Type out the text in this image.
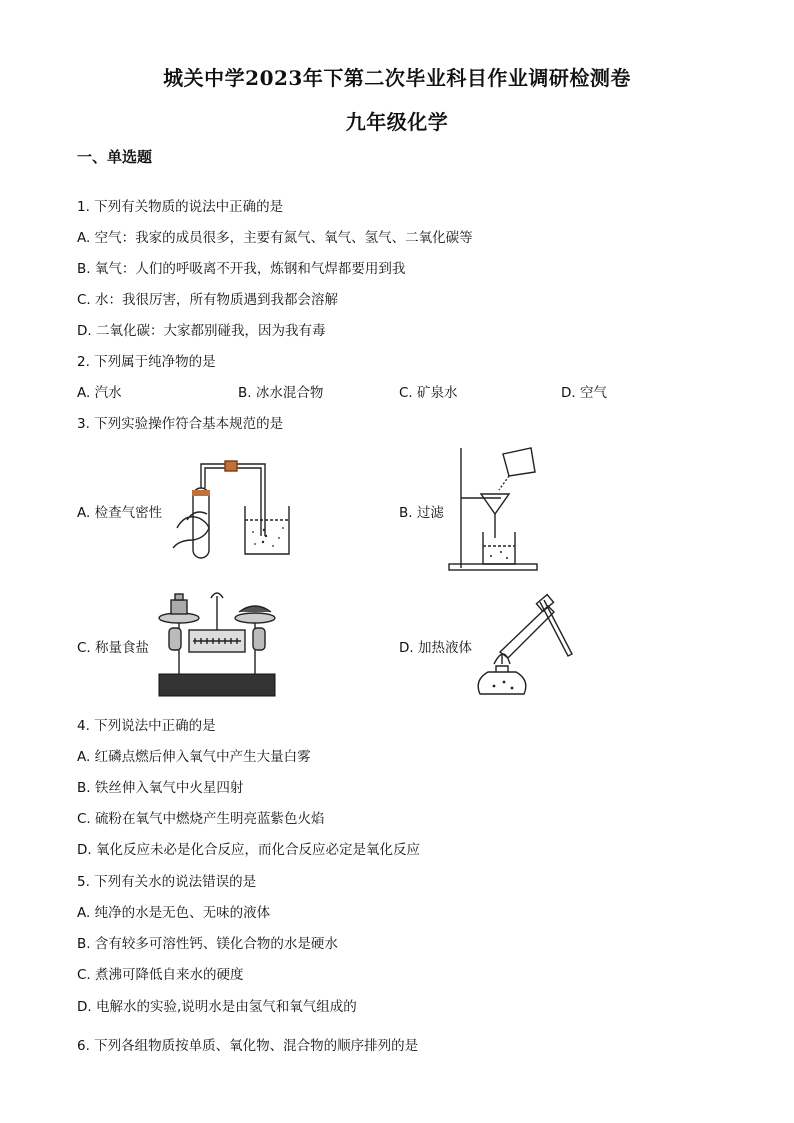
城关中学2023年下第二次毕业科目作业调研检测卷
九年级化学
一、单选题
1. 下列有关物质的说法中正确的是
A. 空气：我家的成员很多，主要有氮气、氧气、氢气、二氧化碳等
B. 氧气：人们的呼吸离不开我，炼钢和气焊都要用到我
C. 水：我很厉害，所有物质遇到我都会溶解
D. 二氧化碳：大家都别碰我，因为我有毒
2. 下列属于纯净物的是
A. 汽水	B. 冰水混合物	C. 矿泉水	D. 空气
3. 下列实验操作符合基本规范的是
A. 检查气密性	B. 过滤
C. 称量食盐	D. 加热液体
4. 下列说法中正确的是
A. 红磷点燃后伸入氧气中产生大量白雾
B. 铁丝伸入氧气中火星四射
C. 硫粉在氧气中燃烧产生明亮蓝紫色火焰
D. 氧化反应未必是化合反应，而化合反应必定是氧化反应
5. 下列有关水的说法错误的是
A. 纯净的水是无色、无味的液体
B. 含有较多可溶性钙、镁化合物的水是硬水
C. 煮沸可降低自来水的硬度
D. 电解水的实验,说明水是由氢气和氧气组成的
6. 下列各组物质按单质、氧化物、混合物的顺序排列的是
